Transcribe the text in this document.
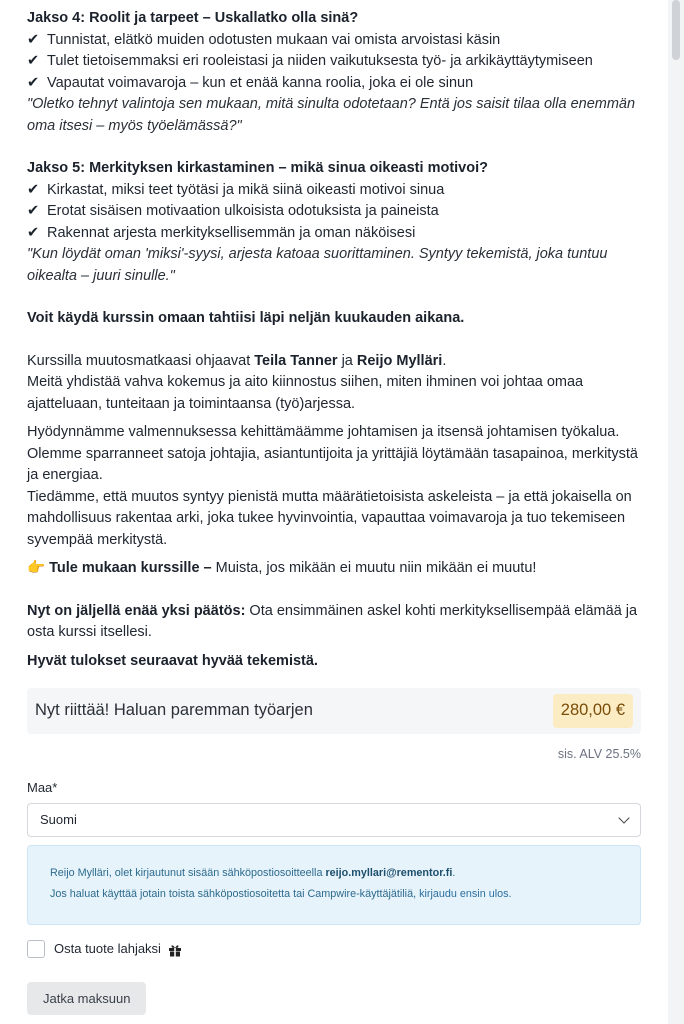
Jakso 4: Roolit ja tarpeet – Uskallatko olla sinä?

✔ Tunnistat, elätkö muiden odotusten mukaan vai omista arvoistasi käsin
✔ Tulet tietoisemmaksi eri rooleistasi ja niiden vaikutuksesta työ- ja arkikäyttäytymiseen
✔ Vapautat voimavaroja – kun et enää kanna roolia, joka ei ole sinun

"Oletko tehnyt valintoja sen mukaan, mitä sinulta odotetaan? Entä jos saisit tilaa olla enemmän oma itsesi – myös työelämässä?"

Jakso 5: Merkityksen kirkastaminen – mikä sinua oikeasti motivoi?

✔ Kirkastat, miksi teet työtäsi ja mikä siinä oikeasti motivoi sinua
✔ Erotat sisäisen motivaation ulkoisista odotuksista ja paineista
✔ Rakennat arjesta merkityksellisemmän ja oman näköisesi

"Kun löydät oman 'miksi'-syysi, arjesta katoaa suorittaminen. Syntyy tekemistä, joka tuntuu oikealta – juuri sinulle."

Voit käydä kurssin omaan tahtiisi läpi neljän kuukauden aikana.

Kurssilla muutosmatkaasi ohjaavat Teila Tanner ja Reijo Mylläri.

Meitä yhdistää vahva kokemus ja aito kiinnostus siihen, miten ihminen voi johtaa omaa ajatteluaan, tunteitaan ja toimintaansa (työ)arjessa.

Hyödynnämme valmennuksessa kehittämäämme johtamisen ja itsensä johtamisen työkalua. Olemme sparranneet satoja johtajia, asiantuntijoita ja yrittäjiä löytämään tasapainoa, merkitystä ja energiaa.

Tiedämme, että muutos syntyy pienistä mutta määrätietoisista askeleista – ja että jokaisella on mahdollisuus rakentaa arki, joka tukee hyvinvointia, vapauttaa voimavaroja ja tuo tekemiseen syvempää merkitystä.

👉 Tule mukaan kurssille – Muista, jos mikään ei muutu niin mikään ei muutu!

Nyt on jäljellä enää yksi päätös: Ota ensimmäinen askel kohti merkityksellisempää elämää ja osta kurssi itsellesi.

Hyvät tulokset seuraavat hyvää tekemistä.

Nyt riittää! Haluan paremman työarjen	280,00 €
sis. ALV 25.5%
Maa*
Suomi
Reijo Mylläri, olet kirjautunut sisään sähköpostiosoitteella reijo.myllari@rementor.fi.
Jos haluat käyttää jotain toista sähköpostiosoitetta tai Campwire-käyttäjätiliä, kirjaudu ensin ulos.
Osta tuote lahjaksi
Jatka maksuun
